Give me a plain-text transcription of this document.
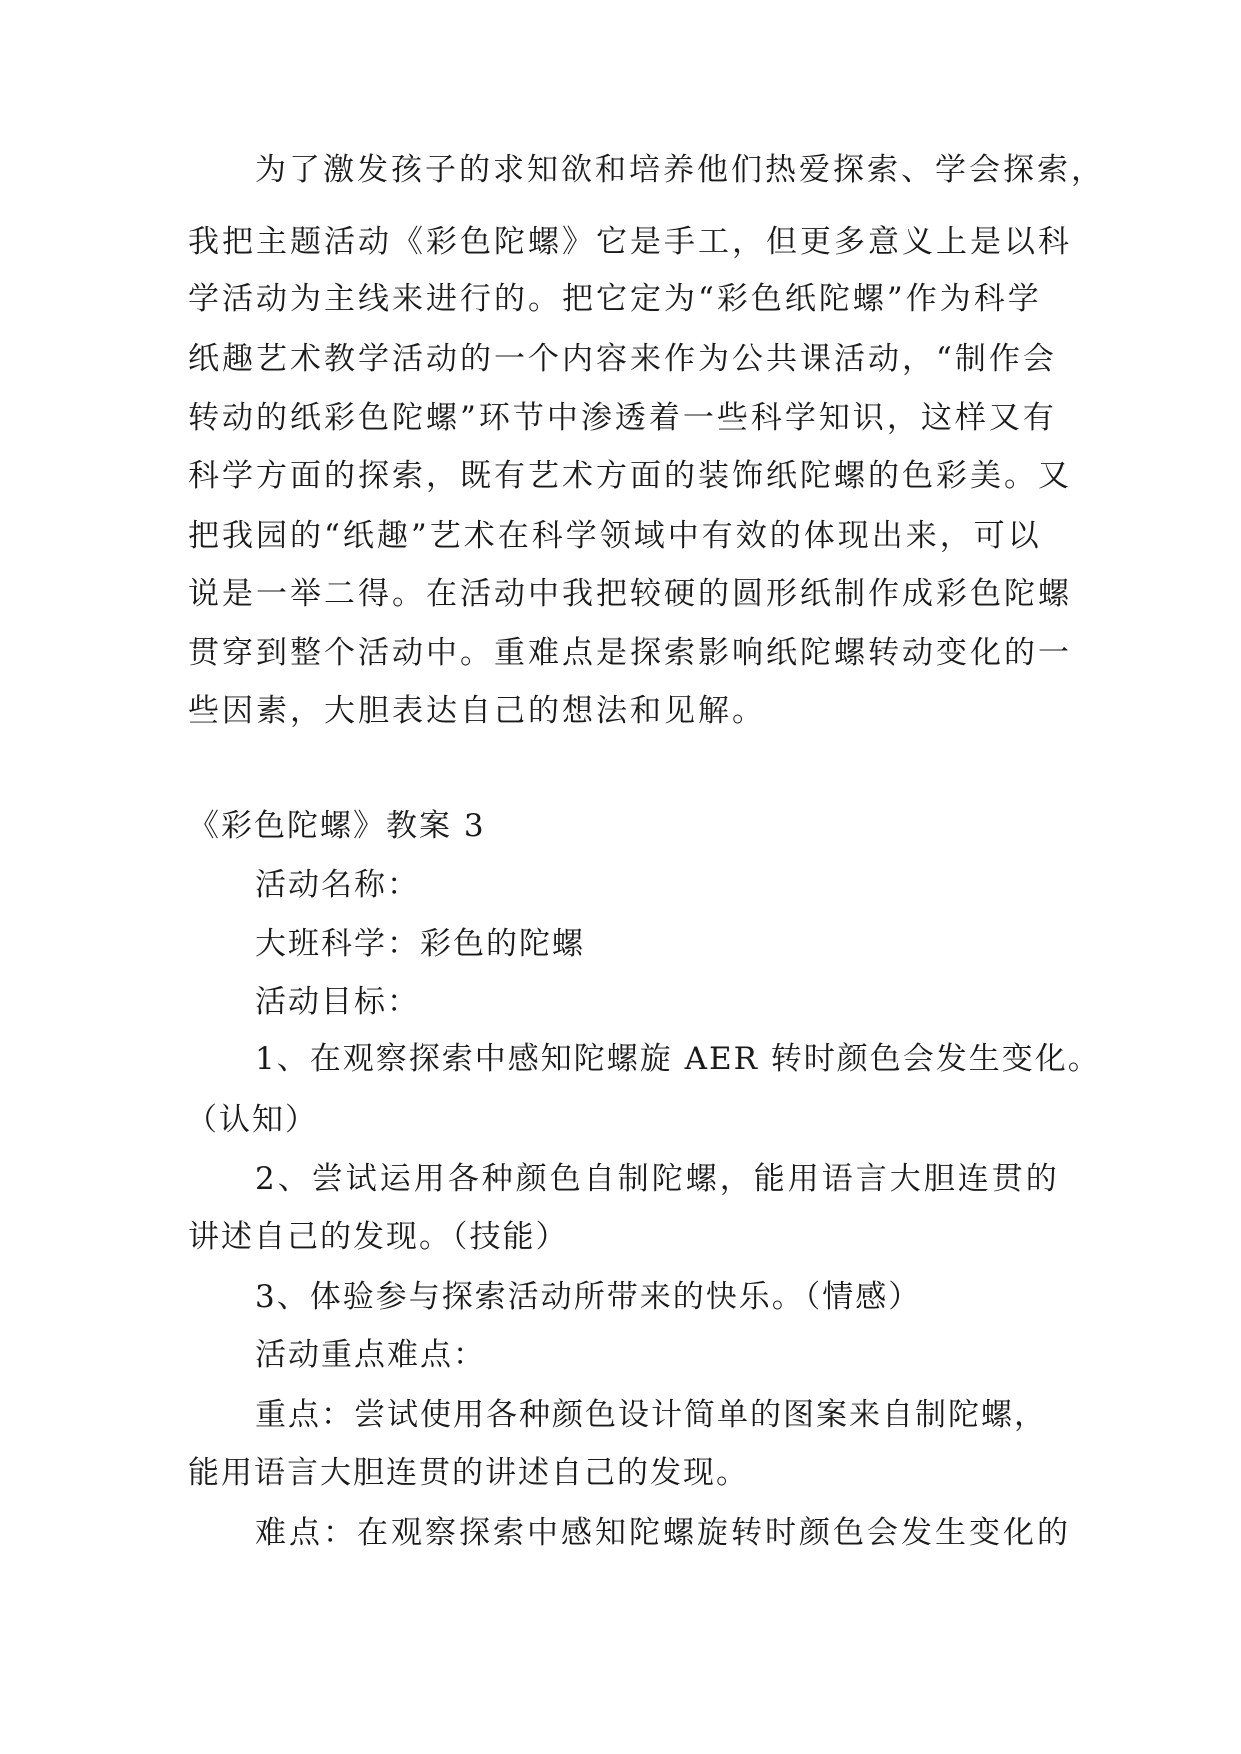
为了激发孩子的求知欲和培养他们热爱探索、学会探索，
我把主题活动《彩色陀螺》它是手工，但更多意义上是以科
学活动为主线来进行的。把它定为“彩色纸陀螺”作为科学
纸趣艺术教学活动的一个内容来作为公共课活动，“制作会
转动的纸彩色陀螺”环节中渗透着一些科学知识，这样又有
科学方面的探索，既有艺术方面的装饰纸陀螺的色彩美。又
把我园的“纸趣”艺术在科学领域中有效的体现出来，可以
说是一举二得。在活动中我把较硬的圆形纸制作成彩色陀螺
贯穿到整个活动中。重难点是探索影响纸陀螺转动变化的一
些因素，大胆表达自己的想法和见解。
《彩色陀螺》教案 3
活动名称：
大班科学：彩色的陀螺
活动目标：
1、在观察探索中感知陀螺旋 AER 转时颜色会发生变化。
（认知）
2、尝试运用各种颜色自制陀螺，能用语言大胆连贯的
讲述自己的发现。（技能）
3、体验参与探索活动所带来的快乐。（情感）
活动重点难点：
重点：尝试使用各种颜色设计简单的图案来自制陀螺，
能用语言大胆连贯的讲述自己的发现。
难点：在观察探索中感知陀螺旋转时颜色会发生变化的
